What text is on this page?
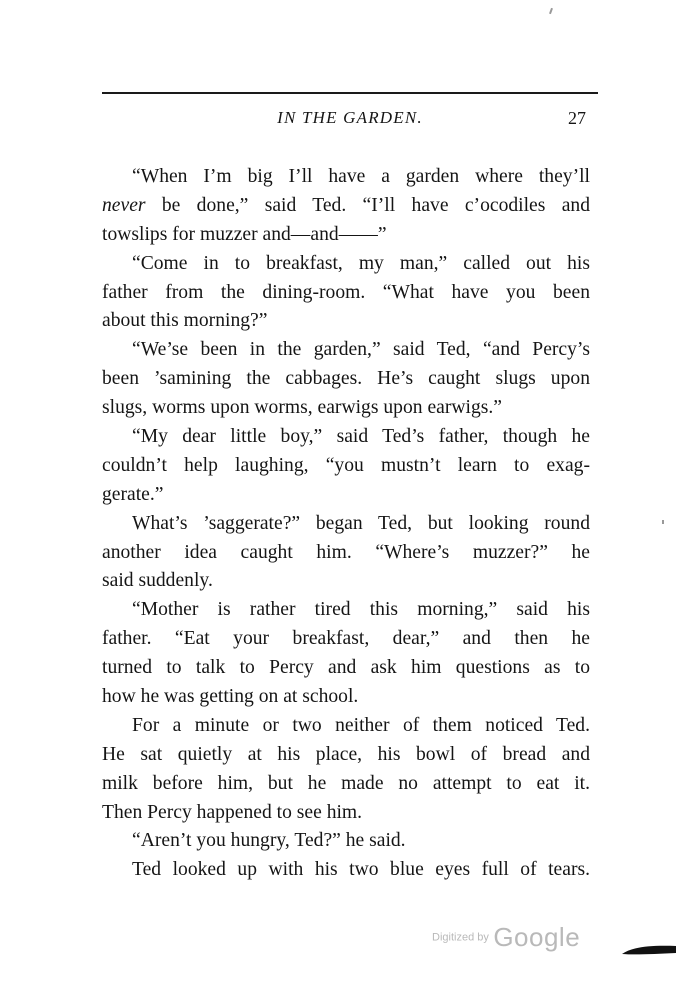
IN THE GARDEN.	27
“When I’m big I’ll have a garden where they’ll
never be done,” said Ted. “I’ll have c’ocodiles and
towslips for muzzer and—and——”
“Come in to breakfast, my man,” called out his
father from the dining-room. “What have you been
about this morning?”
“We’se been in the garden,” said Ted, “and Percy’s
been ’samining the cabbages. He’s caught slugs upon
slugs, worms upon worms, earwigs upon earwigs.”
“My dear little boy,” said Ted’s father, though he
couldn’t help laughing, “you mustn’t learn to exag-
gerate.”
What’s ’saggerate?” began Ted, but looking round
another idea caught him. “Where’s muzzer?” he
said suddenly.
“Mother is rather tired this morning,” said his
father. “Eat your breakfast, dear,” and then he
turned to talk to Percy and ask him questions as to
how he was getting on at school.
For a minute or two neither of them noticed Ted.
He sat quietly at his place, his bowl of bread and
milk before him, but he made no attempt to eat it.
Then Percy happened to see him.
“Aren’t you hungry, Ted?” he said.
Ted looked up with his two blue eyes full of tears.
Digitized by Google
